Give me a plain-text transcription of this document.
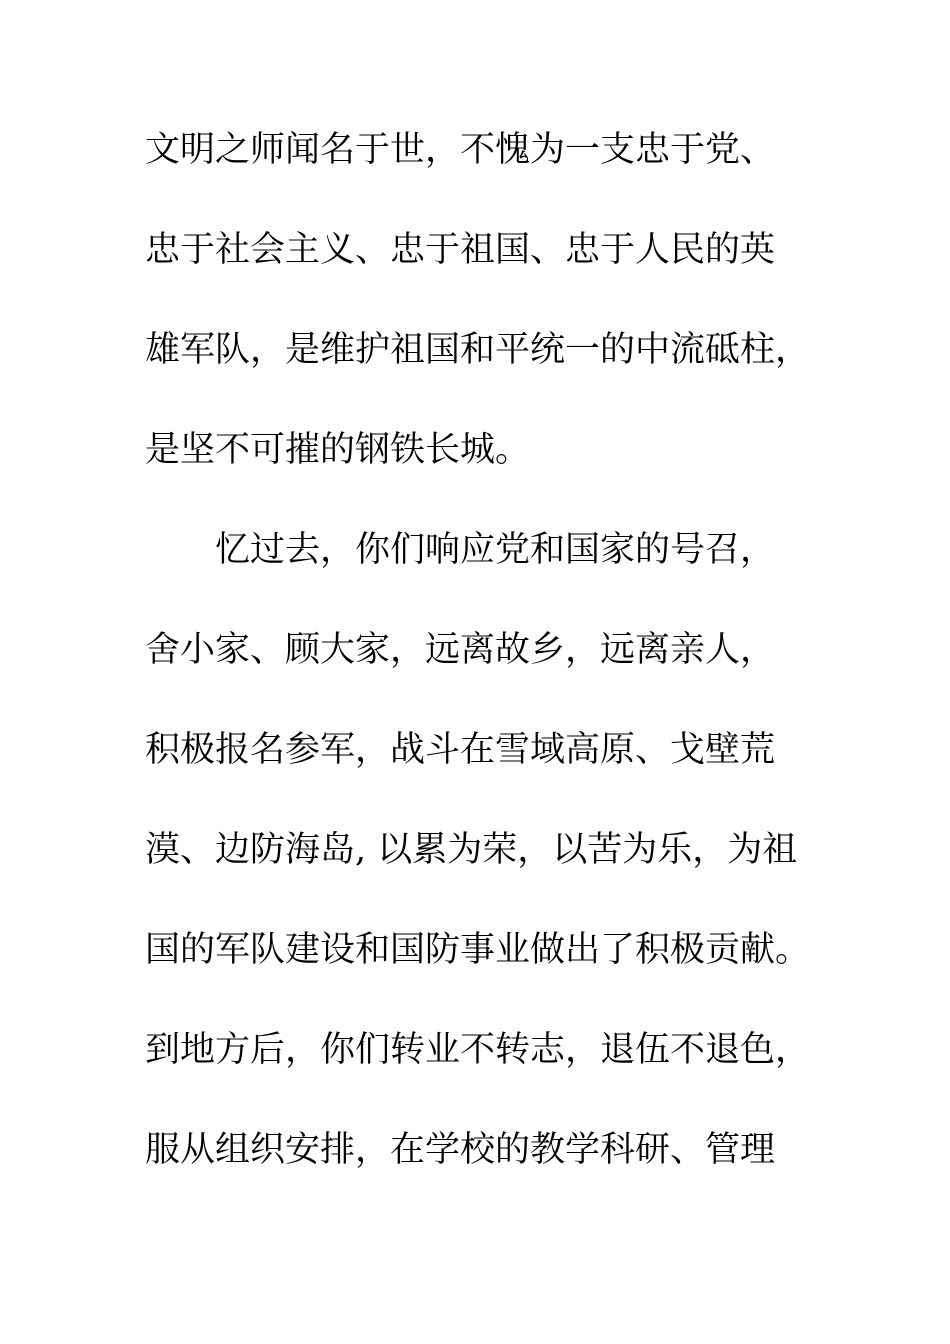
文明之师闻名于世，不愧为一支忠于党、

忠于社会主义、忠于祖国、忠于人民的英

雄军队，是维护祖国和平统一的中流砥柱，

是坚不可摧的钢铁长城。

忆过去，你们响应党和国家的号召，

舍小家、顾大家，远离故乡，远离亲人，

积极报名参军，战斗在雪域高原、戈壁荒

漠、边防海岛, 以累为荣，以苦为乐，为祖

国的军队建设和国防事业做出了积极贡献。

到地方后，你们转业不转志，退伍不退色，

服从组织安排，在学校的教学科研、管理
